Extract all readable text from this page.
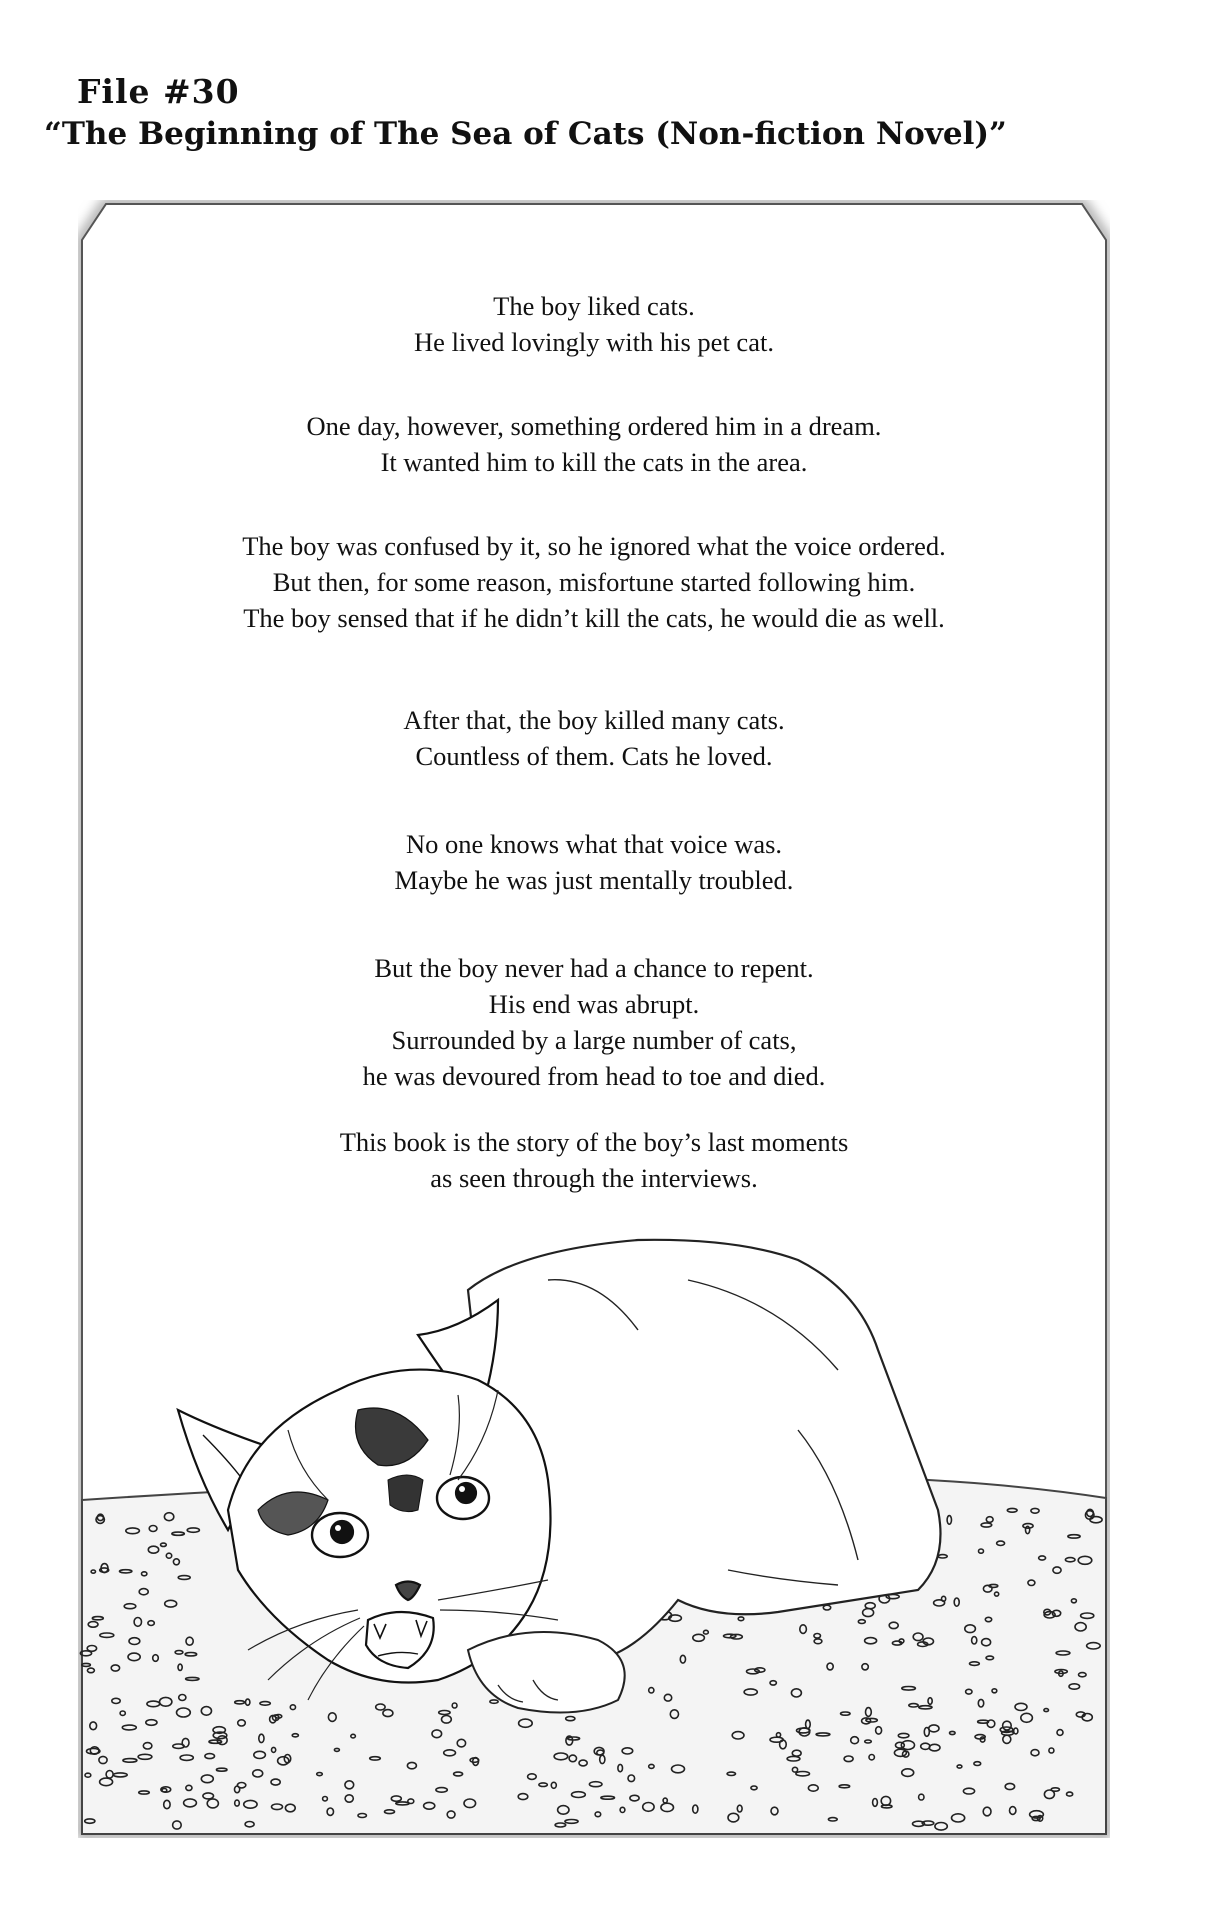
File #30
“The Beginning of The Sea of Cats (Non-fiction Novel)”

The boy liked cats.
He lived lovingly with his pet cat.

One day, however, something ordered him in a dream.
It wanted him to kill the cats in the area.

The boy was confused by it, so he ignored what the voice ordered.
But then, for some reason, misfortune started following him.
The boy sensed that if he didn’t kill the cats, he would die as well.

After that, the boy killed many cats.
Countless of them. Cats he loved.

No one knows what that voice was.
Maybe he was just mentally troubled.

But the boy never had a chance to repent.
His end was abrupt.
Surrounded by a large number of cats,
he was devoured from head to toe and died.

This book is the story of the boy’s last moments
as seen through the interviews.
